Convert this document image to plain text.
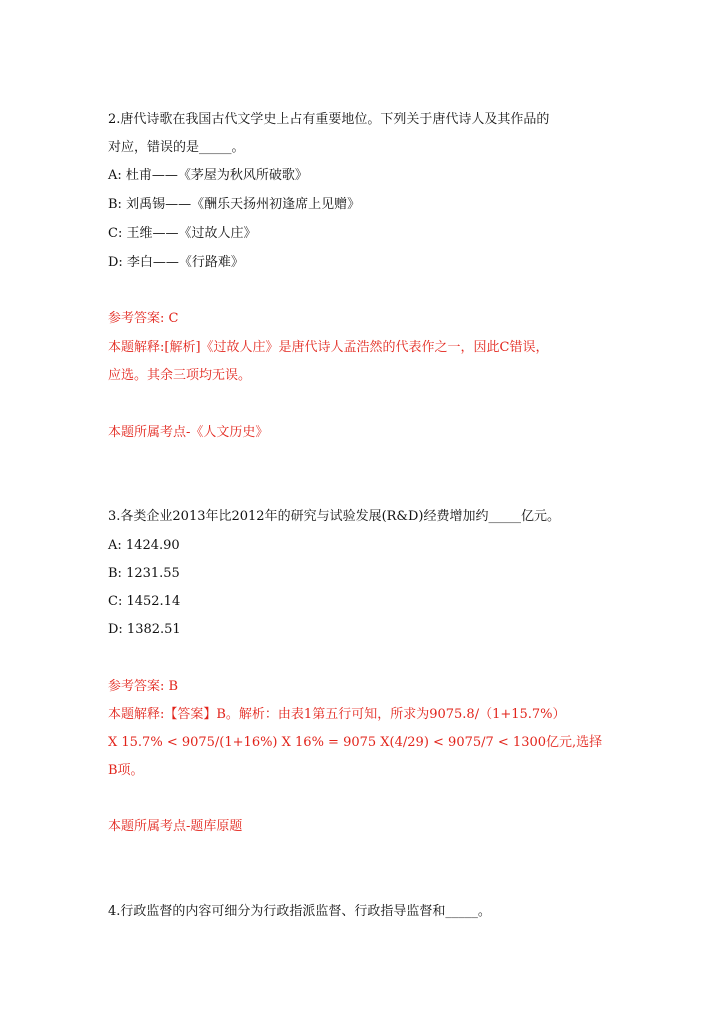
2.唐代诗歌在我国古代文学史上占有重要地位。下列关于唐代诗人及其作品的
对应，错误的是_____。
A: 杜甫——《茅屋为秋风所破歌》
B: 刘禹锡——《酬乐天扬州初逢席上见赠》
C: 王维——《过故人庄》
D: 李白——《行路难》
参考答案: C
本题解释:[解析]《过故人庄》是唐代诗人孟浩然的代表作之一，因此C错误，
应选。其余三项均无误。
本题所属考点-《人文历史》
3.各类企业2013年比2012年的研究与试验发展(R&D)经费增加约_____亿元。
A: 1424.90
B: 1231.55
C: 1452.14
D: 1382.51
参考答案: B
本题解释:【答案】B。解析：由表1第五行可知，所求为9075.8/（1+15.7%）
X 15.7% < 9075/(1+16%) X 16% = 9075 X(4/29) < 9075/7 < 1300亿元,选择
B项。
本题所属考点-题库原题
4.行政监督的内容可细分为行政指派监督、行政指导监督和_____。
